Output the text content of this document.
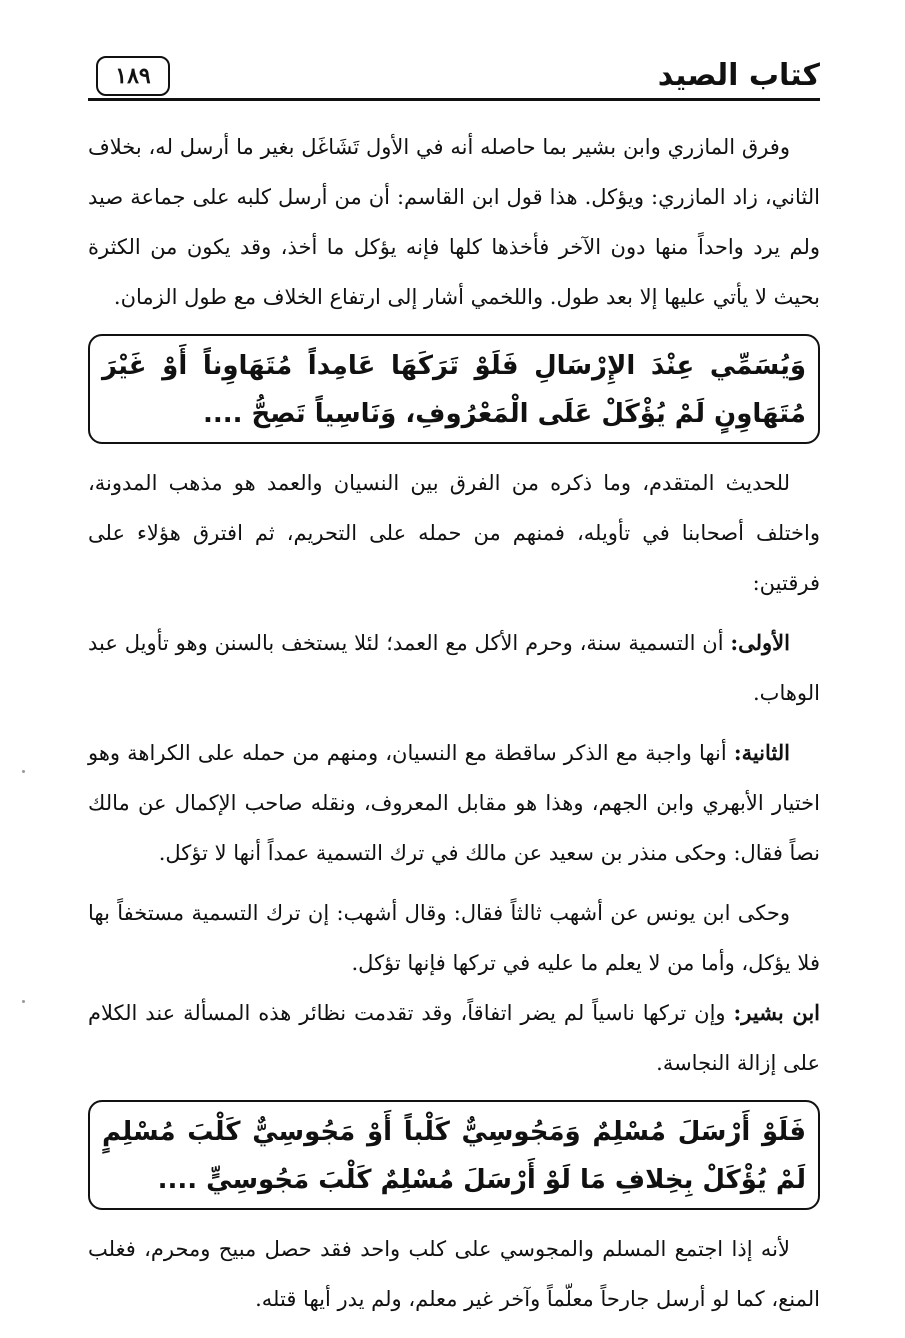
كتاب الصيد
١٨٩

وفرق المازري وابن بشير بما حاصله أنه في الأول تَشَاغَل بغير ما أرسل له، بخلاف الثاني، زاد المازري: ويؤكل. هذا قول ابن القاسم: أن من أرسل كلبه على جماعة صيد ولم يرد واحداً منها دون الآخر فأخذها كلها فإنه يؤكل ما أخذ، وقد يكون من الكثرة بحيث لا يأتي عليها إلا بعد طول. واللخمي أشار إلى ارتفاع الخلاف مع طول الزمان.

وَيُسَمِّي عِنْدَ الإِرْسَالِ فَلَوْ تَرَكَهَا عَامِداً مُتَهَاوِناً أَوْ غَيْرَ مُتَهَاوِنٍ لَمْ يُؤْكَلْ عَلَى الْمَعْرُوفِ، وَنَاسِياً تَصِحُّ ....

للحديث المتقدم، وما ذكره من الفرق بين النسيان والعمد هو مذهب المدونة، واختلف أصحابنا في تأويله، فمنهم من حمله على التحريم، ثم افترق هؤلاء على فرقتين:

الأولى: أن التسمية سنة، وحرم الأكل مع العمد؛ لئلا يستخف بالسنن وهو تأويل عبد الوهاب.

الثانية: أنها واجبة مع الذكر ساقطة مع النسيان، ومنهم من حمله على الكراهة وهو اختيار الأبهري وابن الجهم، وهذا هو مقابل المعروف، ونقله صاحب الإكمال عن مالك نصاً فقال: وحكى منذر بن سعيد عن مالك في ترك التسمية عمداً أنها لا تؤكل.

وحكى ابن يونس عن أشهب ثالثاً فقال: وقال أشهب: إن ترك التسمية مستخفاً بها فلا يؤكل، وأما من لا يعلم ما عليه في تركها فإنها تؤكل.

ابن بشير: وإن تركها ناسياً لم يضر اتفاقاً، وقد تقدمت نظائر هذه المسألة عند الكلام على إزالة النجاسة.

فَلَوْ أَرْسَلَ مُسْلِمٌ وَمَجُوسِيٌّ كَلْباً أَوْ مَجُوسِيٌّ كَلْبَ مُسْلِمٍ لَمْ يُؤْكَلْ بِخِلافِ مَا لَوْ أَرْسَلَ مُسْلِمٌ كَلْبَ مَجُوسِيٍّ ....

لأنه إذا اجتمع المسلم والمجوسي على كلب واحد فقد حصل مبيح ومحرم، فغلب المنع، كما لو أرسل جارحاً معلّماً وآخر غير معلم، ولم يدر أيها قتله.
